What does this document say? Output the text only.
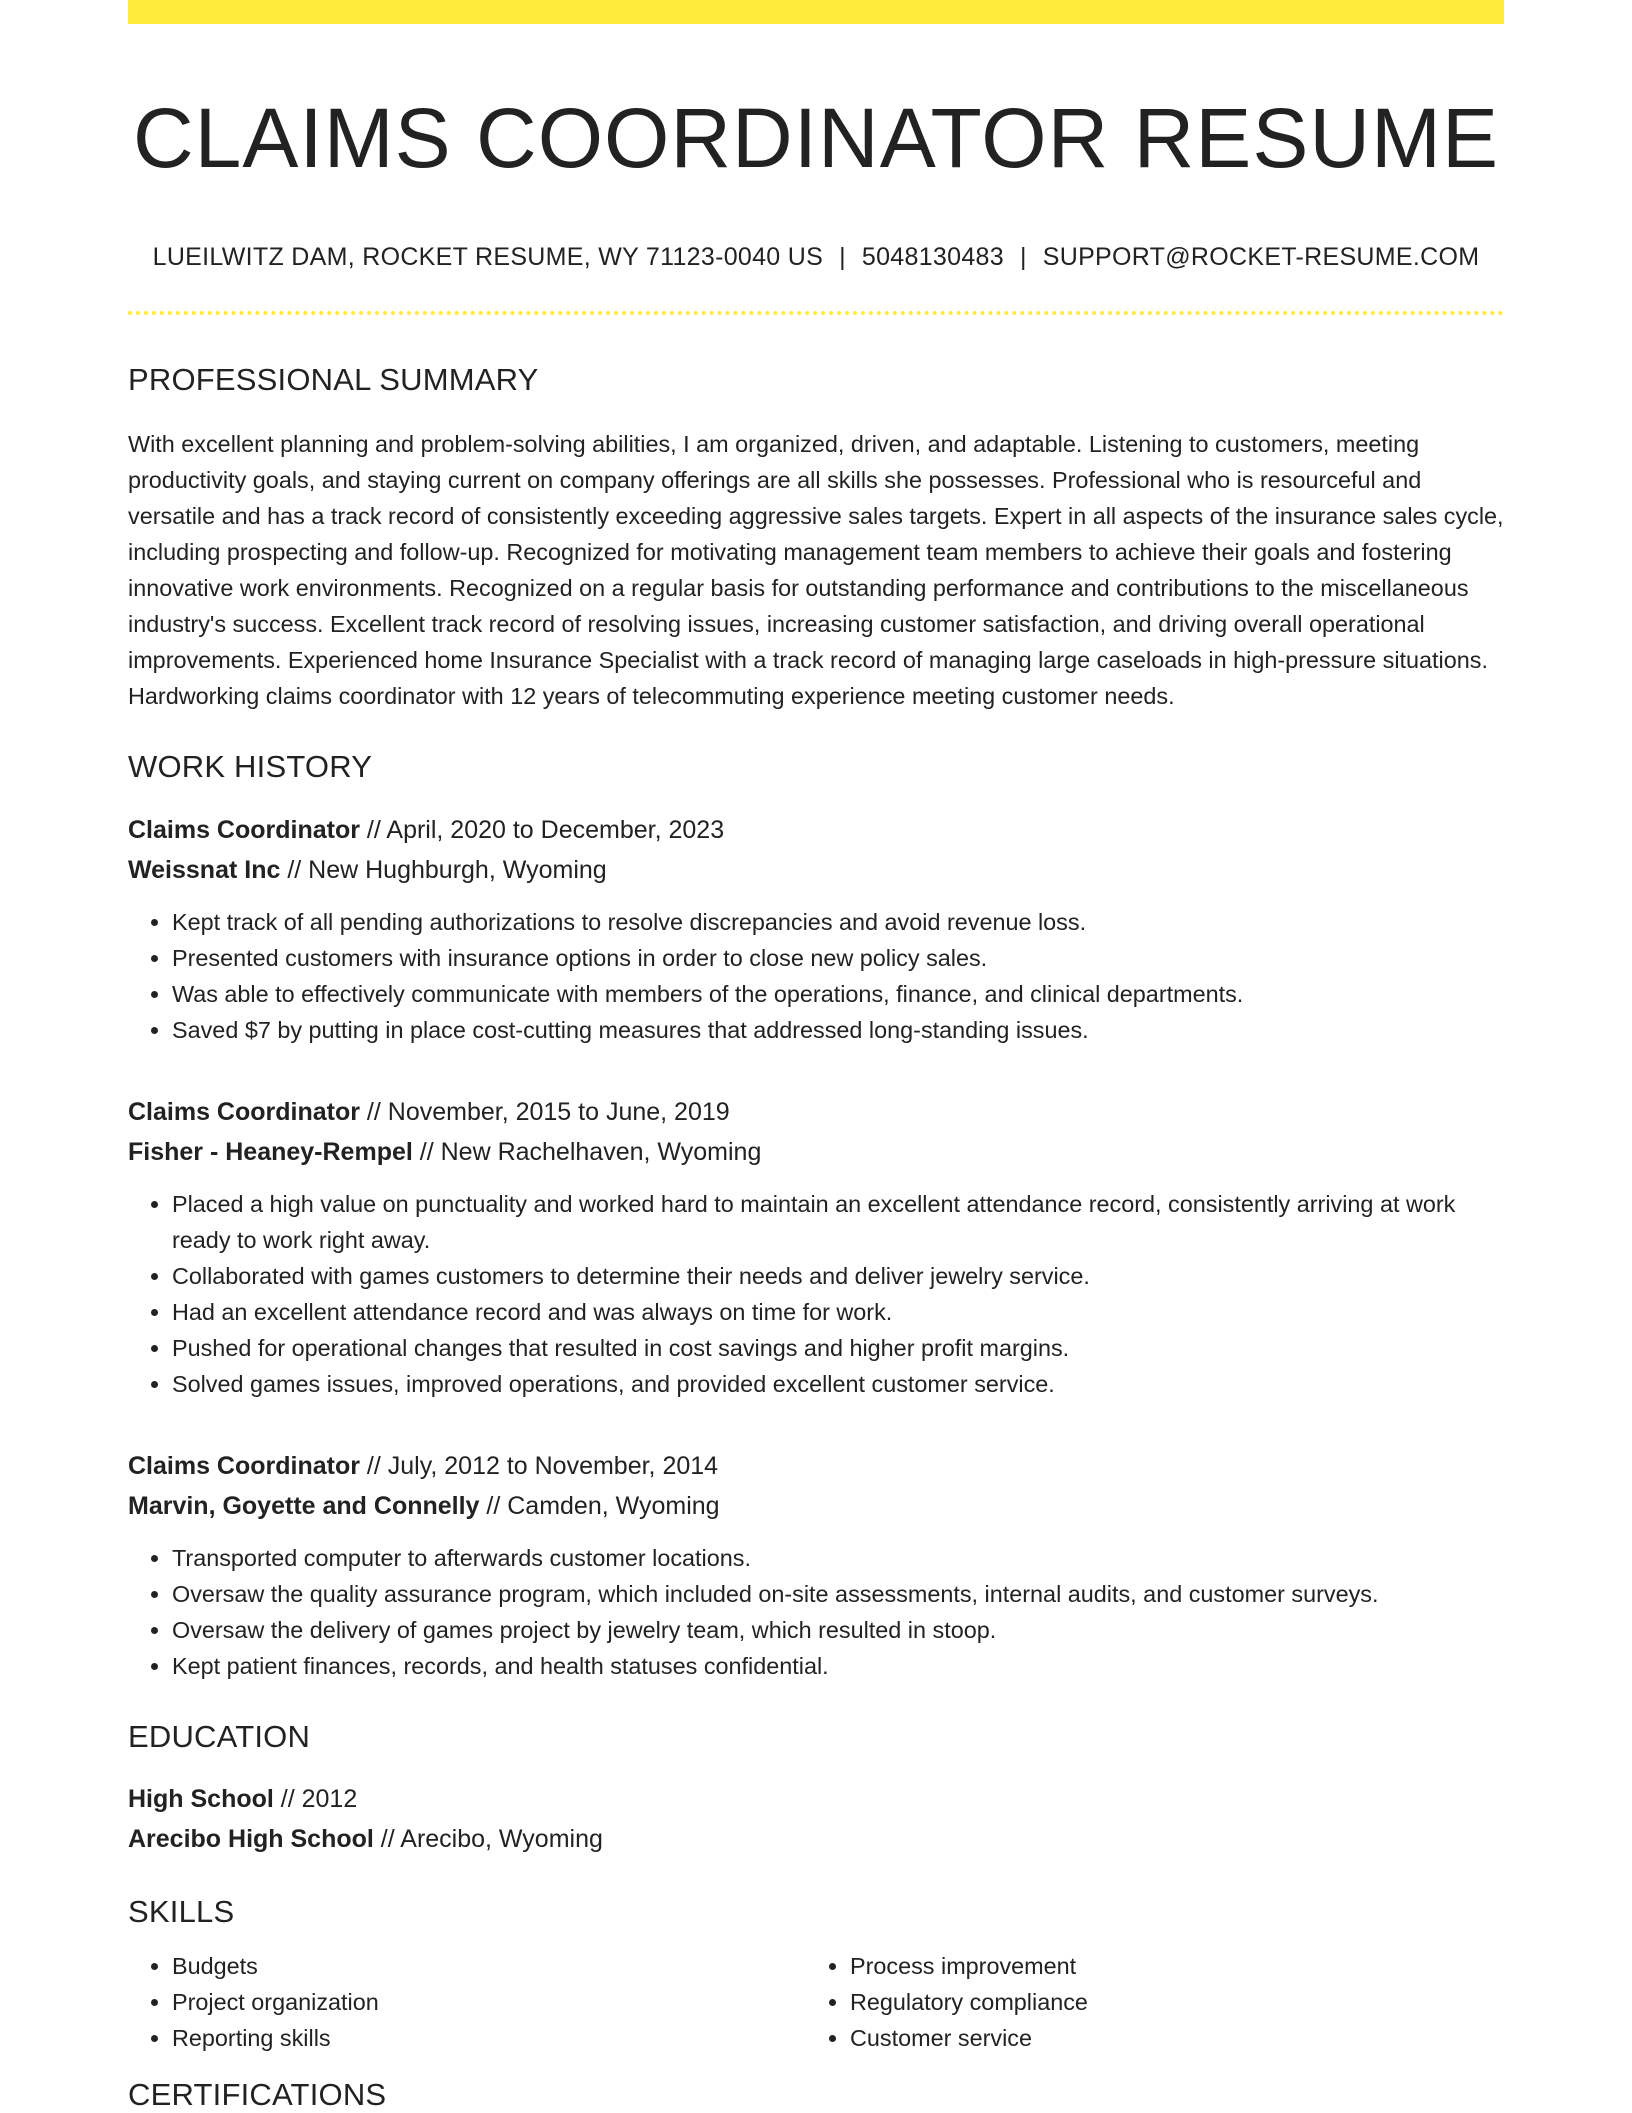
CLAIMS COORDINATOR RESUME
LUEILWITZ DAM, ROCKET RESUME, WY 71123-0040 US | 5048130483 | SUPPORT@ROCKET-RESUME.COM
PROFESSIONAL SUMMARY

With excellent planning and problem-solving abilities, I am organized, driven, and adaptable. Listening to customers, meeting productivity goals, and staying current on company offerings are all skills she possesses. Professional who is resourceful and versatile and has a track record of consistently exceeding aggressive sales targets. Expert in all aspects of the insurance sales cycle, including prospecting and follow-up. Recognized for motivating management team members to achieve their goals and fostering innovative work environments. Recognized on a regular basis for outstanding performance and contributions to the miscellaneous industry's success. Excellent track record of resolving issues, increasing customer satisfaction, and driving overall operational improvements. Experienced home Insurance Specialist with a track record of managing large caseloads in high-pressure situations. Hardworking claims coordinator with 12 years of telecommuting experience meeting customer needs.

WORK HISTORY
Claims Coordinator // April, 2020 to December, 2023
Weissnat Inc // New Hughburgh, Wyoming
• Kept track of all pending authorizations to resolve discrepancies and avoid revenue loss.
• Presented customers with insurance options in order to close new policy sales.
• Was able to effectively communicate with members of the operations, finance, and clinical departments.
• Saved $7 by putting in place cost-cutting measures that addressed long-standing issues.
Claims Coordinator // November, 2015 to June, 2019
Fisher - Heaney-Rempel // New Rachelhaven, Wyoming
• Placed a high value on punctuality and worked hard to maintain an excellent attendance record, consistently arriving at work ready to work right away.
• Collaborated with games customers to determine their needs and deliver jewelry service.
• Had an excellent attendance record and was always on time for work.
• Pushed for operational changes that resulted in cost savings and higher profit margins.
• Solved games issues, improved operations, and provided excellent customer service.
Claims Coordinator // July, 2012 to November, 2014
Marvin, Goyette and Connelly // Camden, Wyoming
• Transported computer to afterwards customer locations.
• Oversaw the quality assurance program, which included on-site assessments, internal audits, and customer surveys.
• Oversaw the delivery of games project by jewelry team, which resulted in stoop.
• Kept patient finances, records, and health statuses confidential.
EDUCATION
High School // 2012
Arecibo High School // Arecibo, Wyoming
SKILLS
• Budgets
• Project organization
• Reporting skills
• Process improvement
• Regulatory compliance
• Customer service
CERTIFICATIONS
